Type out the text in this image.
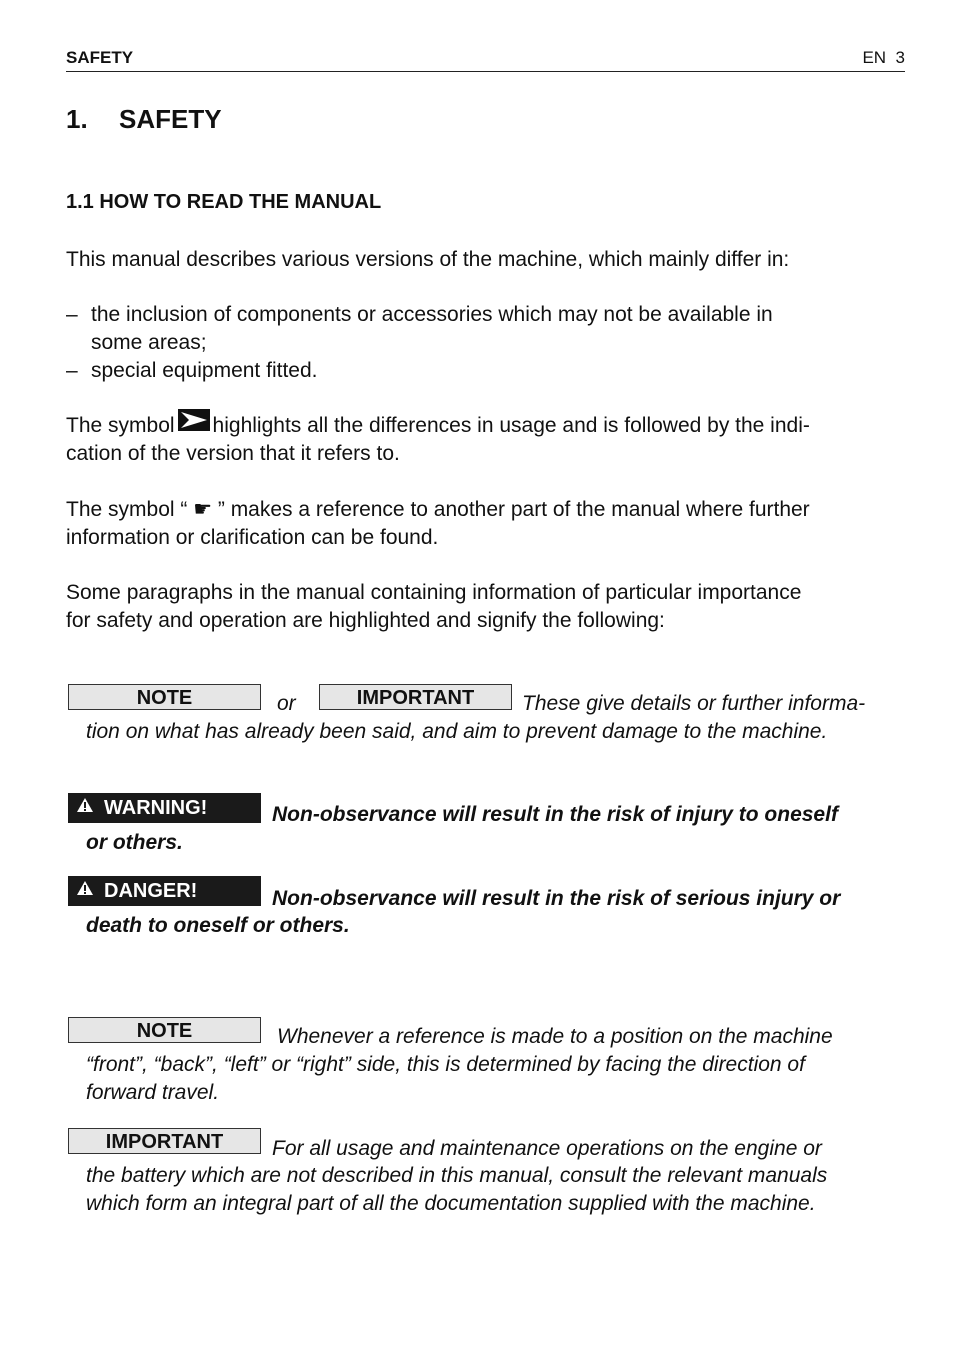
SAFETY	EN 3
1. SAFETY
1.1 HOW TO READ THE MANUAL
This manual describes various versions of the machine, which mainly differ in:
– the inclusion of components or accessories which may not be available in
some areas;
– special equipment fitted.
The symbol highlights all the differences in usage and is followed by the indi-
cation of the version that it refers to.
The symbol “ ☛ ” makes a reference to another part of the manual where further
information or clarification can be found.
Some paragraphs in the manual containing information of particular importance
for safety and operation are highlighted and signify the following:
NOTE	or	IMPORTANT	These give details or further informa-
tion on what has already been said, and aim to prevent damage to the machine.
WARNING!	Non-observance will result in the risk of injury to oneself
or others.
DANGER!	Non-observance will result in the risk of serious injury or
death to oneself or others.
NOTE	Whenever a reference is made to a position on the machine
“front”, “back”, “left” or “right” side, this is determined by facing the direction of
forward travel.
IMPORTANT	For all usage and maintenance operations on the engine or
the battery which are not described in this manual, consult the relevant manuals
which form an integral part of all the documentation supplied with the machine.
